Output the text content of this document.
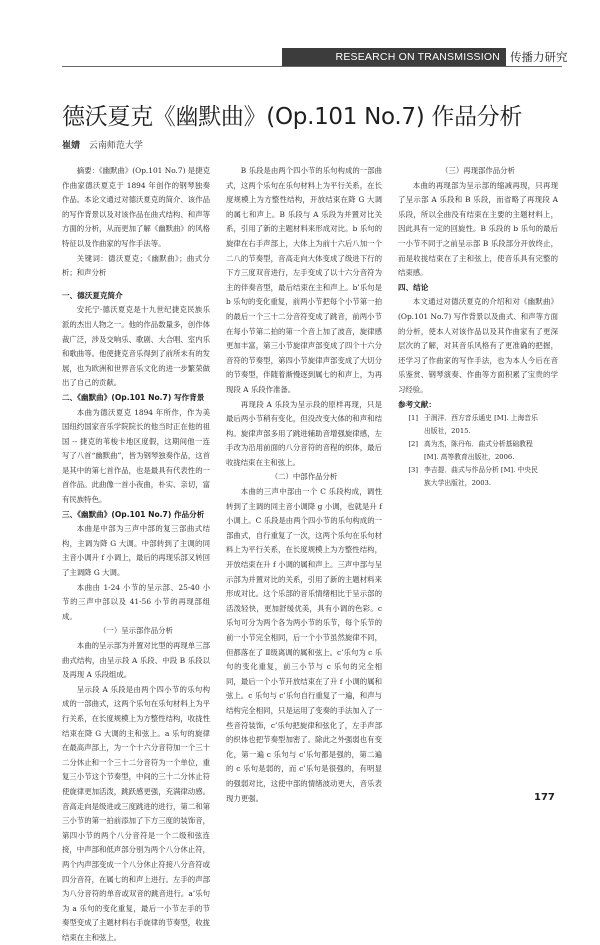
RESEARCH ON TRANSMISSION COMPETENCE
传播力研究
德沃夏克《幽默曲》(Op.101 No.7) 作品分析
崔婧 云南师范大学

摘要：《幽默曲》(Op.101 No.7) 是捷克作曲家德沃夏克于 1894 年创作的钢琴独奏作品。本论文通过对德沃夏克的简介、该作品的写作背景以及对该作品在曲式结构、和声等方面的分析，从而更加了解《幽默曲》的风格特征以及作曲家的写作手法等。

关键词：德沃夏克；《幽默曲》；曲式分析；和声分析

一、德沃夏克简介

安托宁·德沃夏克是十九世纪捷克民族乐派的杰出人物之一。他的作品数量多，创作体裁广泛，涉及交响乐、歌剧、大合唱、室内乐和歌曲等。他使捷克音乐得到了前所未有的发展，也为欧洲和世界音乐文化的进一步繁荣做出了自己的贡献。

二、《幽默曲》(Op.101 No.7) 写作背景

本曲为德沃夏克 1894 年所作，作为美国纽约国家音乐学院院长的他当时正在他的祖国 -- 捷克的苇梭卡地区度假，这期间他一连写了八首“幽默曲”，皆为钢琴独奏作品，这首是其中的第七首作品，也是最具有代表性的一首作品。此曲像一首小夜曲，朴实、亲切，富有民族特色。

三、《幽默曲》(Op.101 No.7) 作品分析

本曲是中部为三声中部的复三部曲式结构，主调为降 G 大调。中部转到了主调的同主音小调升 f 小调上，最后的再现乐部又转回了主调降 G 大调。

本曲由 1-24 小节的呈示部、25-40 小节的三声中部以及 41-56 小节的再现部组成。

（一）呈示部作品分析

本曲的呈示部为并置对比型的再现单三部曲式结构，由呈示段 A 乐段、中段 B 乐段以及再现 A 乐段组成。

呈示段 A 乐段是由两个四小节的乐句构成的一部曲式，这两个乐句在乐句材料上为平行关系，在长度规模上为方整性结构，收拢性结束在降 G 大调的主和弦上。a 乐句的旋律在最高声部上，为一个十六分音符加一个三十二分休止和一个三十二分音符为一个单位，重复三小节这个节奏型，中间的三十二分休止符使旋律更加活泼，跳跃感更强，充满律动感。音高走向是级进或三度跳进的进行，第二和第三小节的第一拍前添加了下方三度的装饰音，第四小节的两个八分音符是一个二级和弦连接，中声部和低声部分别为两个八分休止符，两个内声部变成一个八分休止符接八分音符或四分音符，在属七的和声上进行。左手的声部为八分音符的单音或双音的跳音进行。a’乐句为 a 乐句的变化重复，最后一小节左手的节奏型变成了主题材料右手旋律的节奏型，收拢结束在主和弦上。

B 乐段是由两个四小节的乐句构成的一部曲式，这两个乐句在乐句材料上为平行关系，在长度规模上为方整性结构，开放结束在降 G 大调的属七和声上。B 乐段与 A 乐段为并置对比关系，引用了新的主题材料来形成对比。b 乐句的旋律在右手声部上，大体上为前十六后八加一个二八的节奏型，音高走向大体变成了级进下行的下方三度双音进行，左手变成了以十六分音符为主的伴奏音型，最后结束在主和声上。b’乐句是 b 乐句的变化重复，前两小节把每个小节第一拍的最后一个三十二分音符变成了跳音，前两小节在每小节第二拍的第一个音上加了波音，旋律感更加丰富，第三小节旋律声部变成了四个十六分音符的节奏型，第四小节旋律声部变成了大切分的节奏型，伴随着渐慢逐到属七的和声上，为再现段 A 乐段作准备。

再现段 A 乐段为呈示段的原样再现，只是最后两小节稍有变化，但没改变大体的和声和结构。旋律声部多用了跳进辅助音增强旋律感，左手改为沿用前面的八分音符的音程的织体，最后收拢结束在主和弦上。

（二）中部作品分析

本曲的三声中部由一个 C 乐段构成，调性转到了主调的同主音小调降 g 小调，也就是升 f 小调上。C 乐段是由两个四小节的乐句构成的一部曲式，自行重复了一次，这两个乐句在乐句材料上为平行关系，在长度规模上为方整性结构，开放结束在升 f 小调的属和声上。三声中部与呈示部为并置对比的关系，引用了新的主题材料来形成对比。这个乐部的音乐情绪相比于呈示部的活泼轻快，更加舒缓优美，具有小调的色彩。c 乐句可分为两个各为两小节的乐节，每个乐节的前一小节完全相同，后一个小节虽然旋律不同，但都落在了 Ⅱ级离调的属和弦上。c’乐句为 c 乐句的变化重复，前三小节与 c 乐句的完全相同，最后一个小节开放结束在了升 f 小调的属和弦上。c 乐句与 c’乐句自行重复了一遍，和声与结构完全相同，只是运用了变奏的手法加入了一些音符装饰，c’乐句把旋律和弦化了，左手声部的织体也把节奏型加密了。除此之外强弱也有变化，第一遍 c 乐句与 c’乐句都是强的，第二遍的 c 乐句是弱的，而 c’乐句是很强的，有明显的强弱对比，这使中部的情绪波动更大，音乐表现力更强。

（三）再现部作品分析

本曲的再现部为呈示部的缩减再现，只再现了呈示部 A 乐段和 B 乐段，而省略了再现段 A 乐段，所以全曲没有结束在主要的主题材料上，因此具有一定的回旋性。B 乐段的 b 乐句的最后一小节不同于之前呈示部 B 乐段部分开放终止，而是收拢结束在了主和弦上，使音乐具有完整的结束感。

四、结论

本文通过对德沃夏克的介绍和对《幽默曲》(Op.101 No.7) 写作背景以及曲式、和声等方面的分析，使本人对该作品以及其作曲家有了更深层次的了解，对其音乐风格有了更准确的把握，还学习了作曲家的写作手法，也为本人今后在音乐鉴赏、钢琴演奏、作曲等方面积累了宝贵的学习经验。

参考文献：

[1] 于润洋．西方音乐通史 [M]. 上海音乐
出版社，2015.

[2] 高为杰，陈丹布．曲式分析基础教程
[M]. 高等教育出版社，2006.

[3] 李吉提．曲式与作品分析 [M]. 中央民
族大学出版社，2003.

177
